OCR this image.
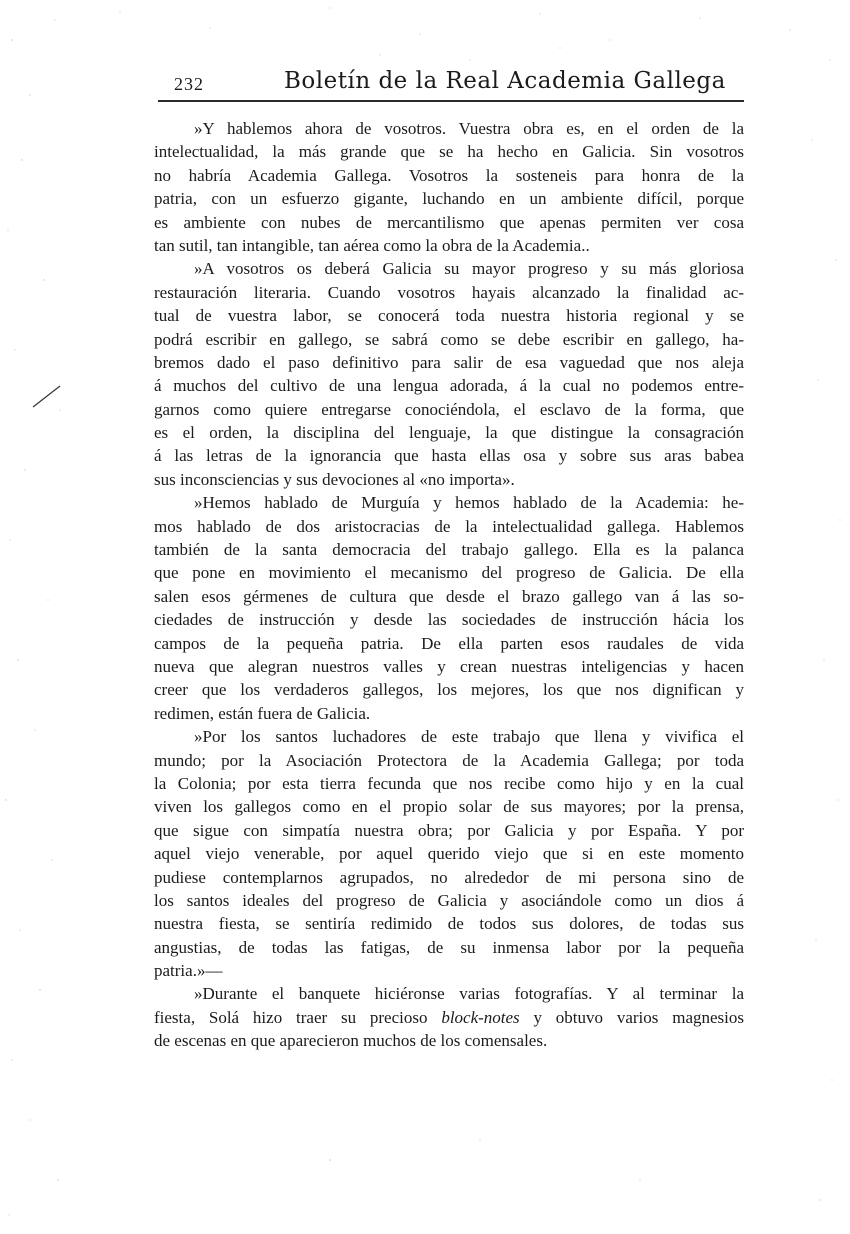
232	Boletín de la Real Academia Gallega
»Y hablemos ahora de vosotros. Vuestra obra es, en el orden de la
intelectualidad, la más grande que se ha hecho en Galicia. Sin vosotros
no habría Academia Gallega. Vosotros la sosteneis para honra de la
patria, con un esfuerzo gigante, luchando en un ambiente difícil, porque
es ambiente con nubes de mercantilismo que apenas permiten ver cosa
tan sutil, tan intangible, tan aérea como la obra de la Academia..
»A vosotros os deberá Galicia su mayor progreso y su más gloriosa
restauración literaria. Cuando vosotros hayais alcanzado la finalidad ac-
tual de vuestra labor, se conocerá toda nuestra historia regional y se
podrá escribir en gallego, se sabrá como se debe escribir en gallego, ha-
bremos dado el paso definitivo para salir de esa vaguedad que nos aleja
á muchos del cultivo de una lengua adorada, á la cual no podemos entre-
garnos como quiere entregarse conociéndola, el esclavo de la forma, que
es el orden, la disciplina del lenguaje, la que distingue la consagración
á las letras de la ignorancia que hasta ellas osa y sobre sus aras babea
sus inconsciencias y sus devociones al «no importa».
»Hemos hablado de Murguía y hemos hablado de la Academia: he-
mos hablado de dos aristocracias de la intelectualidad gallega. Hablemos
también de la santa democracia del trabajo gallego. Ella es la palanca
que pone en movimiento el mecanismo del progreso de Galicia. De ella
salen esos gérmenes de cultura que desde el brazo gallego van á las so-
ciedades de instrucción y desde las sociedades de instrucción hácia los
campos de la pequeña patria. De ella parten esos raudales de vida
nueva que alegran nuestros valles y crean nuestras inteligencias y hacen
creer que los verdaderos gallegos, los mejores, los que nos dignifican y
redimen, están fuera de Galicia.
»Por los santos luchadores de este trabajo que llena y vivifica el
mundo; por la Asociación Protectora de la Academia Gallega; por toda
la Colonia; por esta tierra fecunda que nos recibe como hijo y en la cual
viven los gallegos como en el propio solar de sus mayores; por la prensa,
que sigue con simpatía nuestra obra; por Galicia y por España. Y por
aquel viejo venerable, por aquel querido viejo que si en este momento
pudiese contemplarnos agrupados, no alrededor de mi persona sino de
los santos ideales del progreso de Galicia y asociándole como un dios á
nuestra fiesta, se sentiría redimido de todos sus dolores, de todas sus
angustias, de todas las fatigas, de su inmensa labor por la pequeña
patria.»—
»Durante el banquete hiciéronse varias fotografías. Y al terminar la
fiesta, Solá hizo traer su precioso block-notes y obtuvo varios magnesios
de escenas en que aparecieron muchos de los comensales.
